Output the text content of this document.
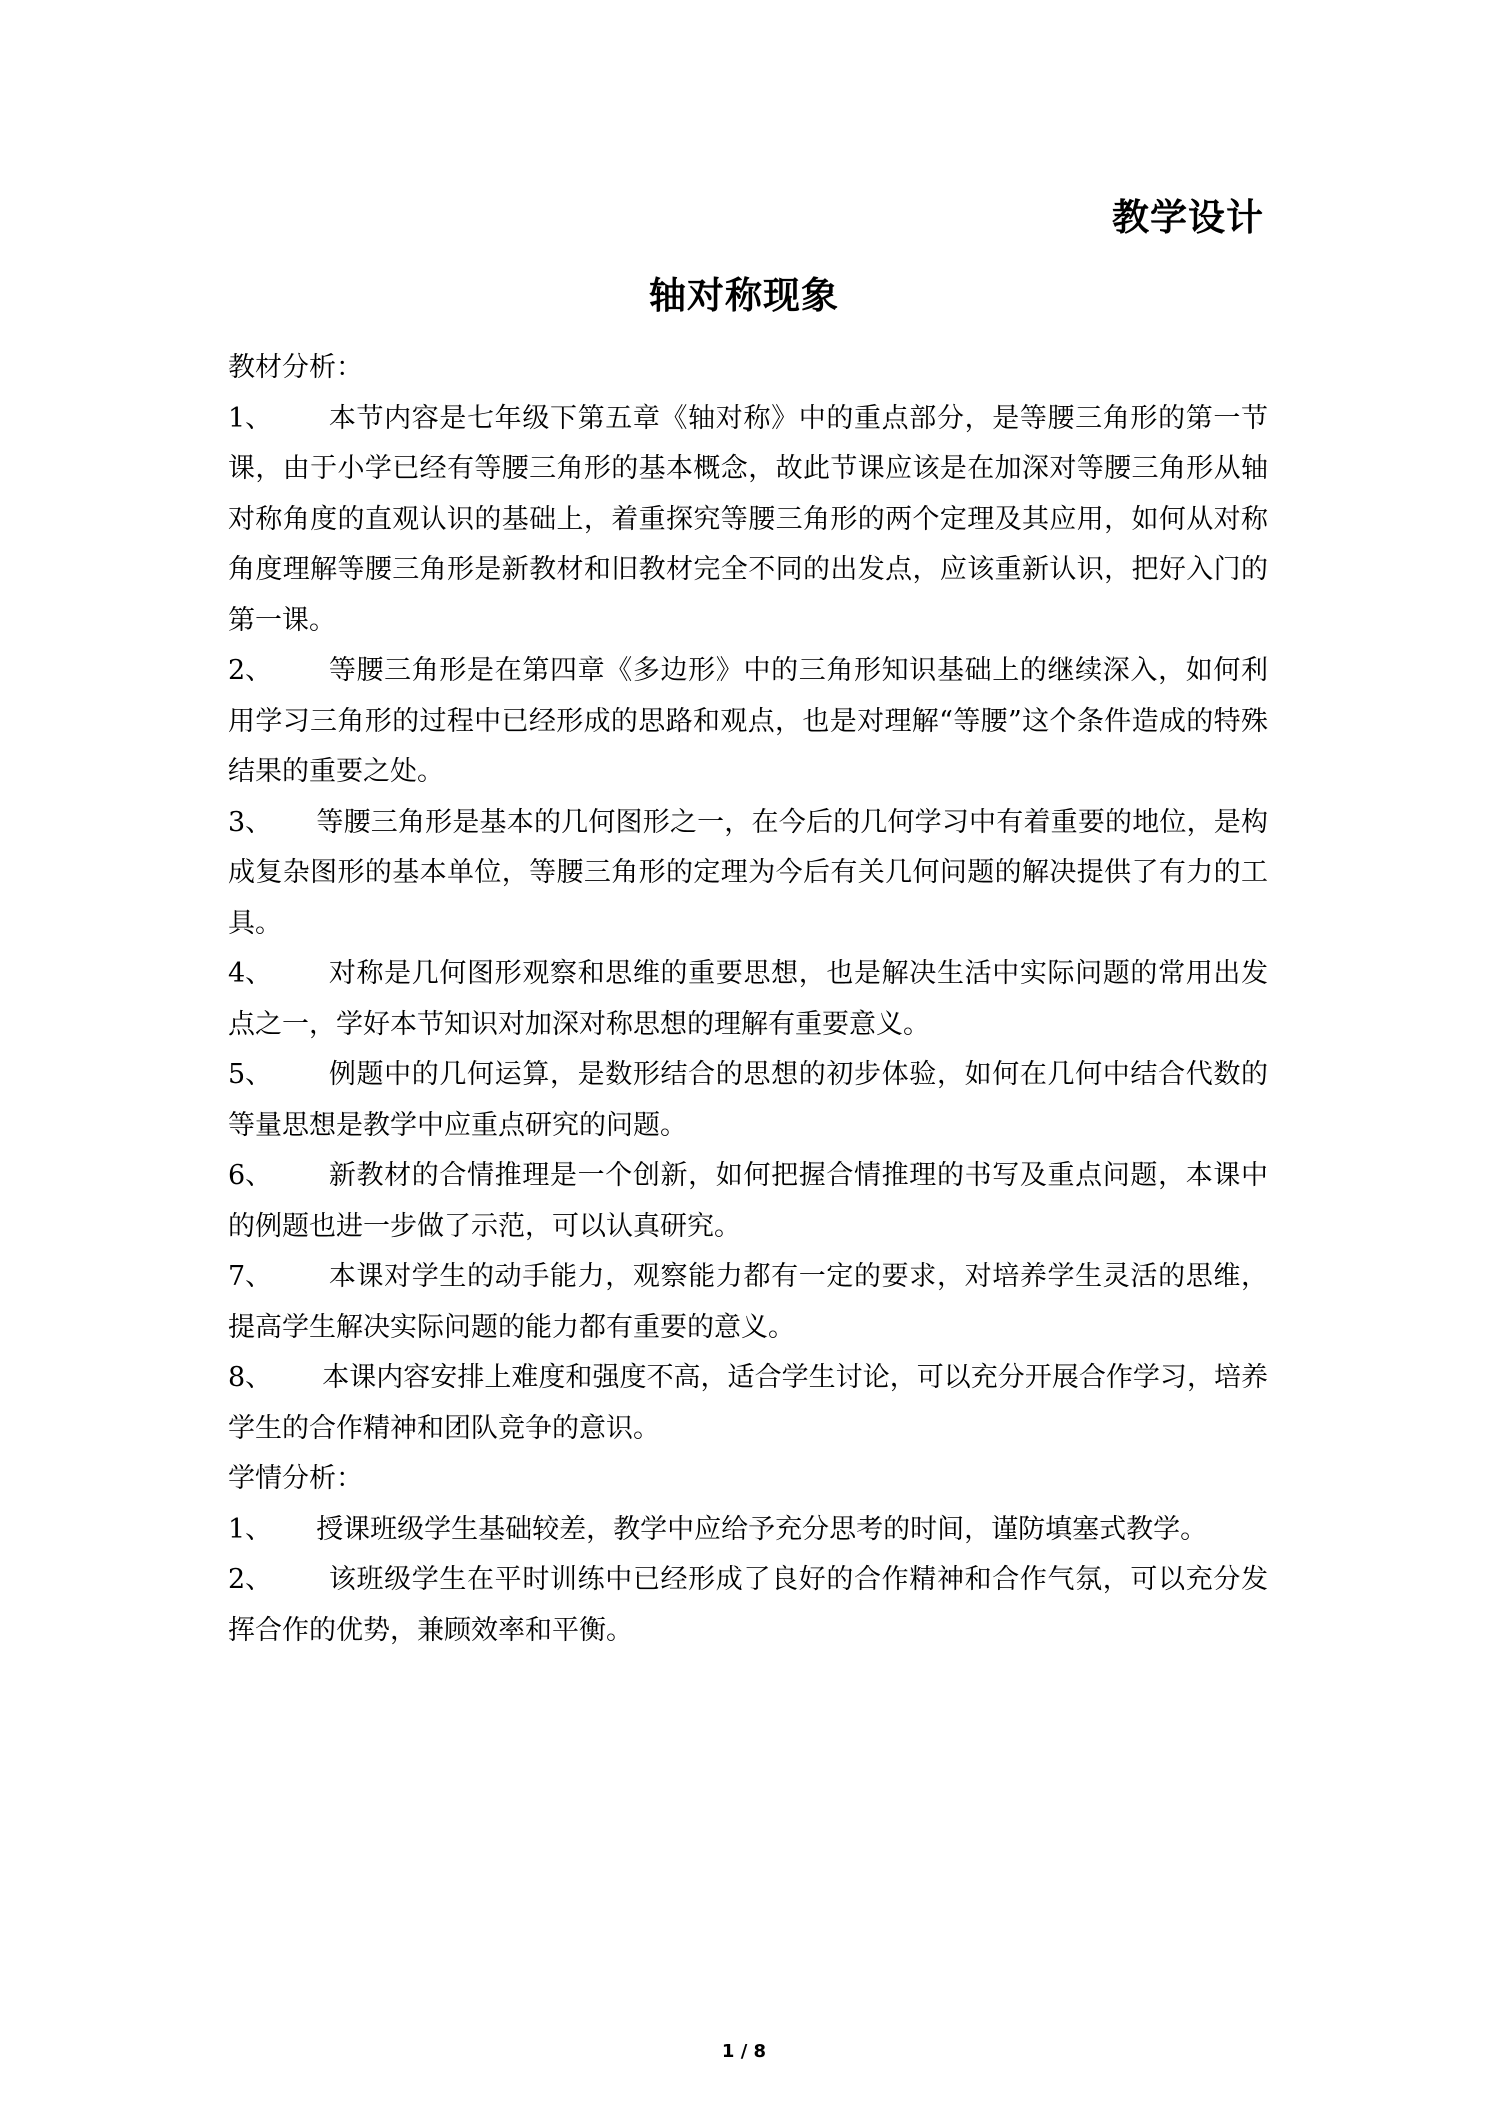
教学设计
轴对称现象
教材分析：
1、 本节内容是七年级下第五章《轴对称》中的重点部分，是等腰三角形的第一节课，由于小学已经有等腰三角形的基本概念，故此节课应该是在加深对等腰三角形从轴对称角度的直观认识的基础上，着重探究等腰三角形的两个定理及其应用，如何从对称角度理解等腰三角形是新教材和旧教材完全不同的出发点，应该重新认识，把好入门的第一课。
2、 等腰三角形是在第四章《多边形》中的三角形知识基础上的继续深入，如何利用学习三角形的过程中已经形成的思路和观点，也是对理解“等腰”这个条件造成的特殊结果的重要之处。
3、 等腰三角形是基本的几何图形之一，在今后的几何学习中有着重要的地位，是构成复杂图形的基本单位，等腰三角形的定理为今后有关几何问题的解决提供了有力的工具。
4、 对称是几何图形观察和思维的重要思想，也是解决生活中实际问题的常用出发点之一，学好本节知识对加深对称思想的理解有重要意义。
5、 例题中的几何运算，是数形结合的思想的初步体验，如何在几何中结合代数的等量思想是教学中应重点研究的问题。
6、 新教材的合情推理是一个创新，如何把握合情推理的书写及重点问题，本课中的例题也进一步做了示范，可以认真研究。
7、 本课对学生的动手能力，观察能力都有一定的要求，对培养学生灵活的思维，提高学生解决实际问题的能力都有重要的意义。
8、 本课内容安排上难度和强度不高，适合学生讨论，可以充分开展合作学习，培养学生的合作精神和团队竞争的意识。
学情分析：
1、 授课班级学生基础较差，教学中应给予充分思考的时间，谨防填塞式教学。
2、 该班级学生在平时训练中已经形成了良好的合作精神和合作气氛，可以充分发挥合作的优势，兼顾效率和平衡。
1 / 8
